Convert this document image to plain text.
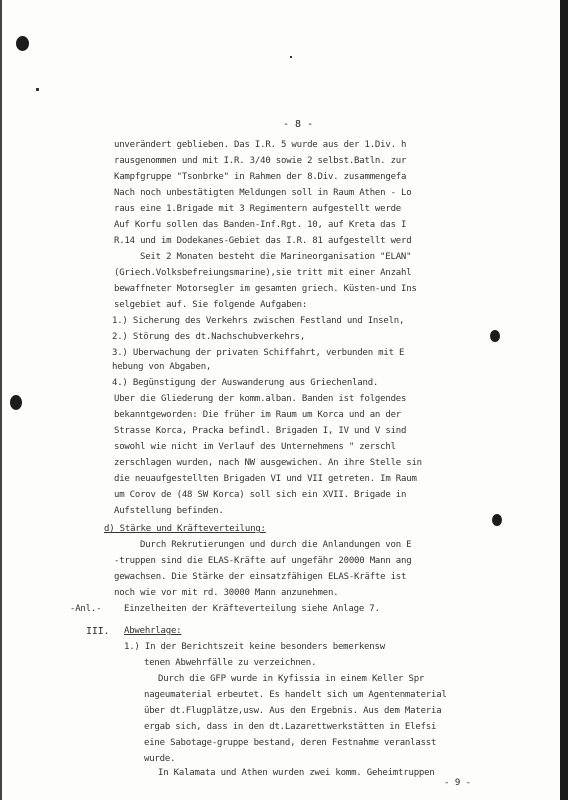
- 8 -
unverändert geblieben. Das I.R. 5 wurde aus der 1.Div. h
rausgenommen und mit I.R. 3/40 sowie 2 selbst.Batln. zur
Kampfgruppe "Tsonbrke" in Rahmen der 8.Div. zusammengefa
Nach noch unbestätigten Meldungen soll in Raum Athen - Lo
raus eine 1.Brigade mit 3 Regimentern aufgestellt werde
Auf Korfu sollen das Banden-Inf.Rgt. 10, auf Kreta das I
R.14 und im Dodekanes-Gebiet das I.R. 81 aufgestellt werd
Seit 2 Monaten besteht die Marineorganisation "ELAN"
(Griech.Volksbefreiungsmarine),sie tritt mit einer Anzahl
bewaffneter Motorsegler im gesamten griech. Küsten-und Ins
selgebiet auf. Sie folgende Aufgaben:
1.) Sicherung des Verkehrs zwischen Festland und Inseln,
2.) Störung des dt.Nachschubverkehrs,
3.) Überwachung der privaten Schiffahrt, verbunden mit E
hebung von Abgaben,
4.) Begünstigung der Auswanderung aus Griechenland.
Über die Gliederung der komm.alban. Banden ist folgendes
bekanntgeworden: Die früher im Raum um Korca und an der
Strasse Korca, Pracka befindl. Brigaden I, IV und V sind
sowohl wie nicht im Verlauf des Unternehmens " zerschl
zerschlagen wurden, nach NW ausgewichen. An ihre Stelle sin
die neuaufgestellten Brigaden VI und VII getreten. Im Raum
um Corov de (48 SW Korca) soll sich ein XVII. Brigade in
Aufstellung befinden.
d) Stärke und Kräfteverteilung:
Durch Rekrutierungen und durch die Anlandungen von E
-truppen sind die ELAS-Kräfte auf ungefähr 20000 Mann ang
gewachsen. Die Stärke der einsatzfähigen ELAS-Kräfte ist
noch wie vor mit rd. 30000 Mann anzunehmen.
-Anl.-	Einzelheiten der Kräfteverteilung siehe Anlage 7.
III.	Abwehrlage:
1.) In der Berichtszeit keine besonders bemerkensw
tenen Abwehrfälle zu verzeichnen.
Durch die GFP wurde in Kyfissia in einem Keller Spr
nageumaterial erbeutet. Es handelt sich um Agentenmaterial
über dt.Flugplätze,usw. Aus den Ergebnis. Aus dem Materia
ergab sich, dass in den dt.Lazarettwerkstätten in Elefsi
eine Sabotage-gruppe bestand, deren Festnahme veranlasst
wurde.
In Kalamata und Athen wurden zwei komm. Geheimtruppen
- 9 -
